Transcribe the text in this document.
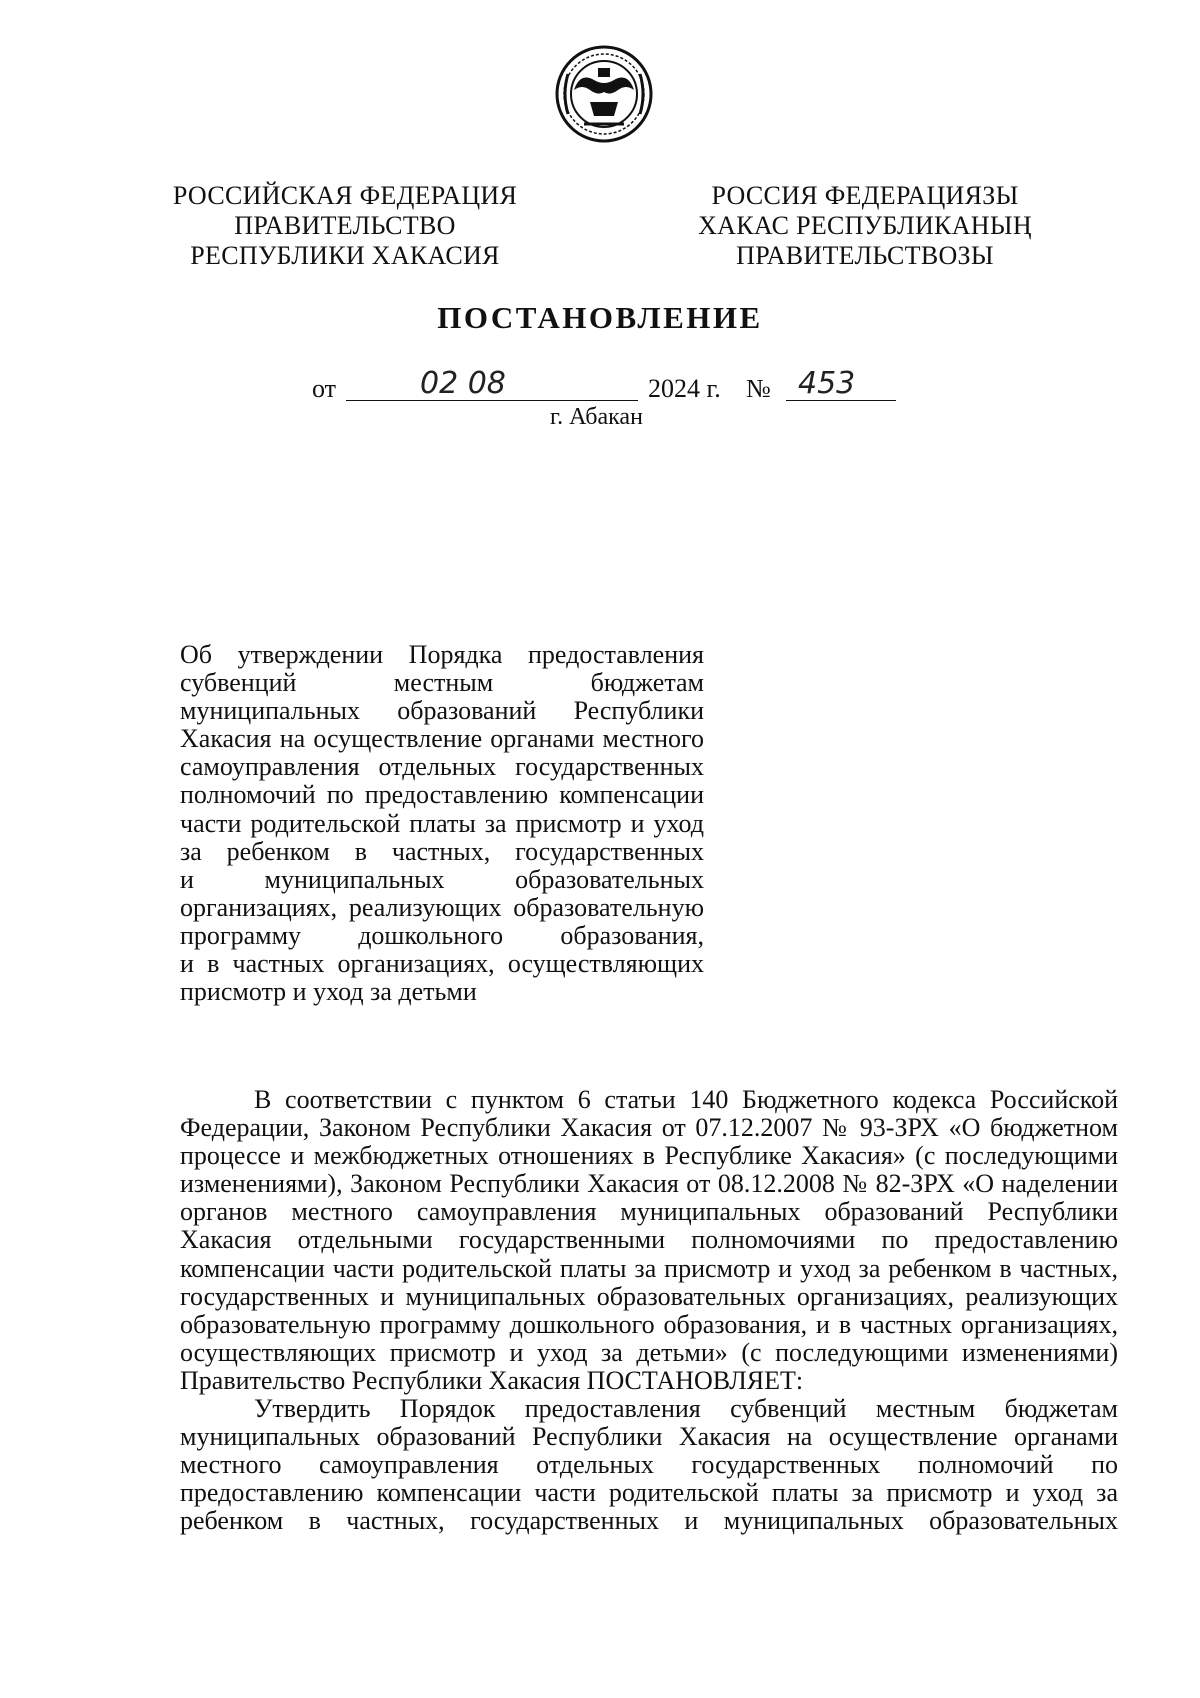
РОССИЙСКАЯ ФЕДЕРАЦИЯ
ПРАВИТЕЛЬСТВО
РЕСПУБЛИКИ ХАКАСИЯ
РОССИЯ ФЕДЕРАЦИЯЗЫ
ХАКАС РЕСПУБЛИКАНЫҢ
ПРАВИТЕЛЬСТВОЗЫ
ПОСТАНОВЛЕНИЕ
от	02 08	2024 г. № 453
г. Абакан
Об утверждении Порядка предоставления
субвенций местным бюджетам
муниципальных образований Республики
Хакасия на осуществление органами местного
самоуправления отдельных государственных
полномочий по предоставлению компенсации
части родительской платы за присмотр и уход
за ребенком в частных, государственных
и муниципальных образовательных
организациях, реализующих образовательную
программу дошкольного образования,
и в частных организациях, осуществляющих
присмотр и уход за детьми
В соответствии с пунктом 6 статьи 140 Бюджетного кодекса Российской
Федерации, Законом Республики Хакасия от 07.12.2007 № 93-ЗРХ «О бюджетном
процессе и межбюджетных отношениях в Республике Хакасия» (с последующими
изменениями), Законом Республики Хакасия от 08.12.2008 № 82-ЗРХ «О наделении
органов местного самоуправления муниципальных образований Республики
Хакасия отдельными государственными полномочиями по предоставлению
компенсации части родительской платы за присмотр и уход за ребенком в частных,
государственных и муниципальных образовательных организациях, реализующих
образовательную программу дошкольного образования, и в частных организациях,
осуществляющих присмотр и уход за детьми» (с последующими изменениями)
Правительство Республики Хакасия ПОСТАНОВЛЯЕТ:
Утвердить Порядок предоставления субвенций местным бюджетам
муниципальных образований Республики Хакасия на осуществление органами
местного самоуправления отдельных государственных полномочий по
предоставлению компенсации части родительской платы за присмотр и уход за
ребенком в частных, государственных и муниципальных образовательных
